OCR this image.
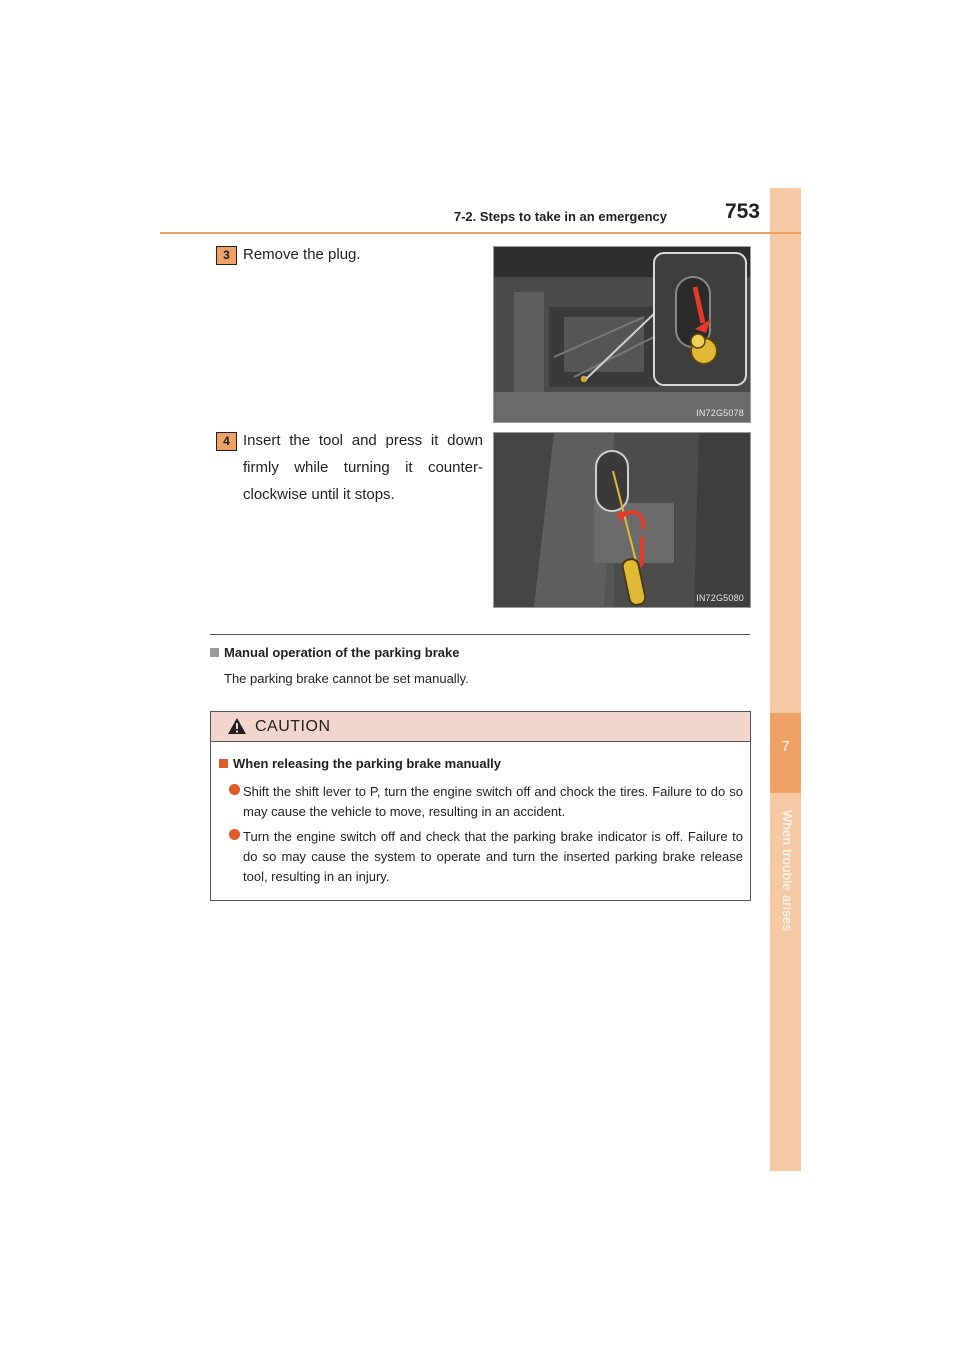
7
When trouble arises
7-2. Steps to take in an emergency	753
3 Remove the plug.
IN72G5078
4 Insert the tool and press it down firmly while turning it counter-clockwise until it stops.
IN72G5080
Manual operation of the parking brake
The parking brake cannot be set manually.
CAUTION
When releasing the parking brake manually
Shift the shift lever to P, turn the engine switch off and chock the tires. Failure to do so may cause the vehicle to move, resulting in an accident.
Turn the engine switch off and check that the parking brake indicator is off. Failure to do so may cause the system to operate and turn the inserted parking brake release tool, resulting in an injury.
